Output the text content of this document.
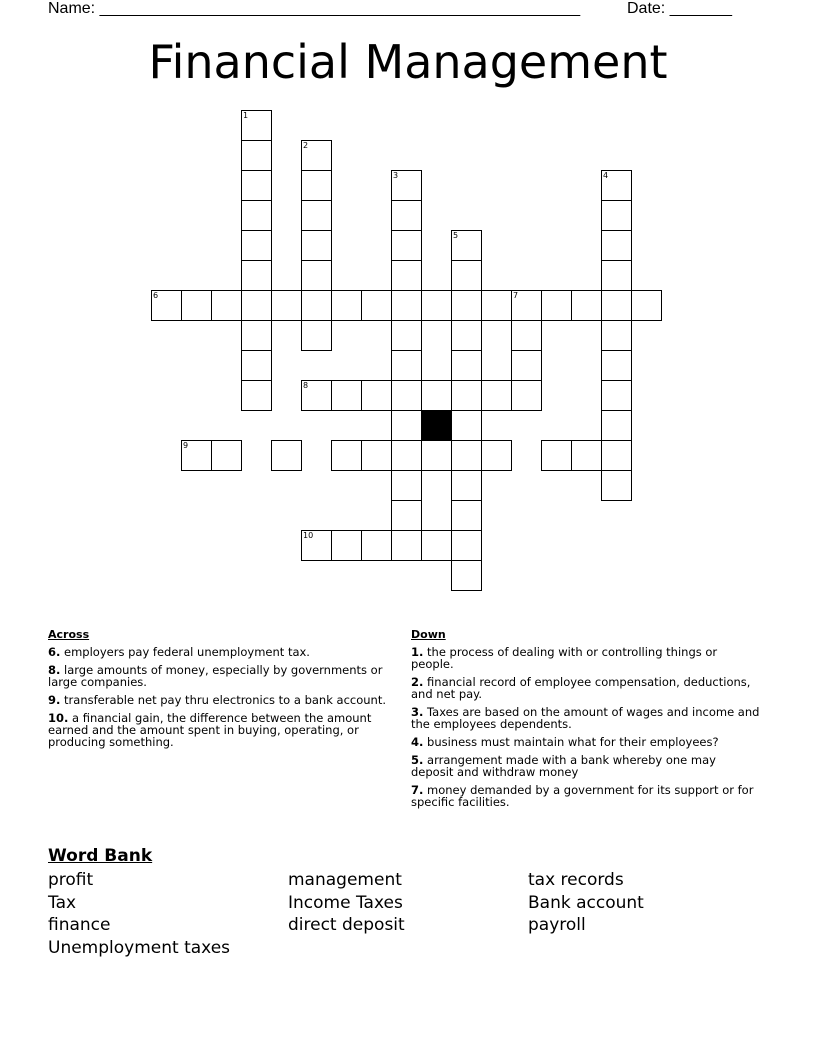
Name: ______________________________________________________	Date: _______
Financial Management
1
2
3	4
5
6	7
8
9
10
Across
6. employers pay federal unemployment tax.
8. large amounts of money, especially by governments or large companies.
9. transferable net pay thru electronics to a bank account.
10. a financial gain, the difference between the amount earned and the amount spent in buying, operating, or producing something.
Down
1. the process of dealing with or controlling things or people.
2. financial record of employee compensation, deductions, and net pay.
3. Taxes are based on the amount of wages and income and the employees dependents.
4. business must maintain what for their employees?
5. arrangement made with a bank whereby one may deposit and withdraw money
7. money demanded by a government for its support or for specific facilities.
Word Bank
profit	management	tax records
Tax	Income Taxes	Bank account
finance	direct deposit	payroll
Unemployment taxes
